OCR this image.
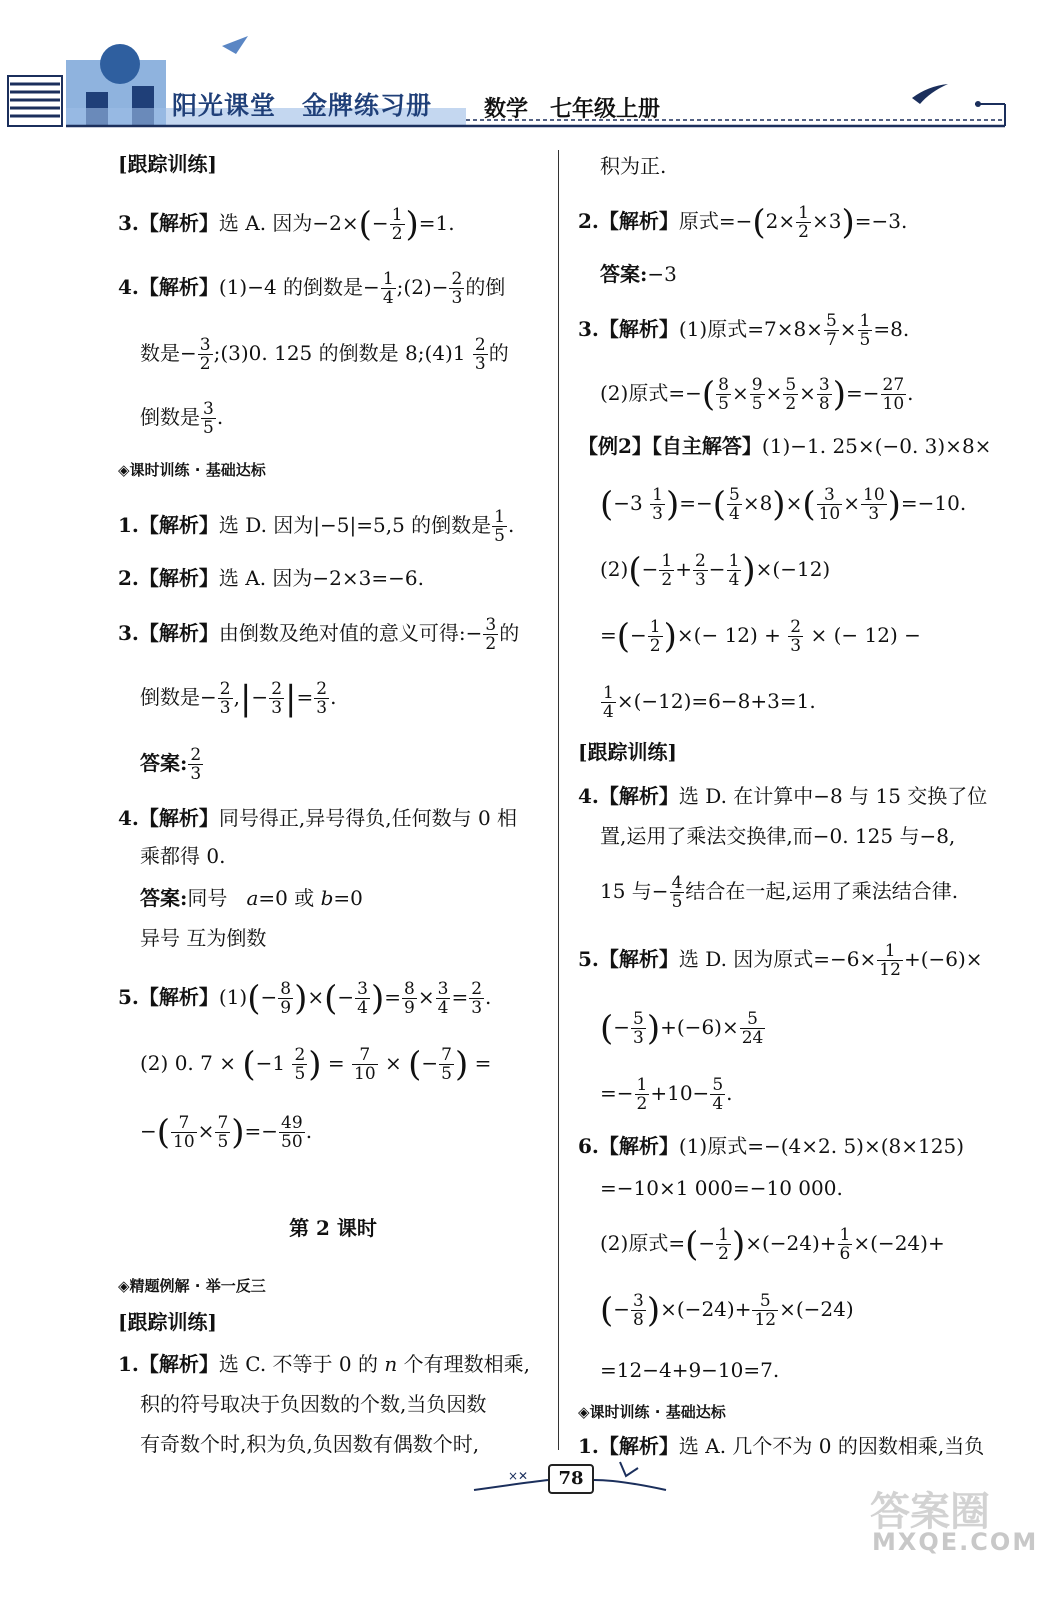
阳光课堂 金牌练习册	数学 七年级上册
[跟踪训练]
3.【解析】选 A. 因为$-2\times(- \frac{1}{2} )=1$.
4.【解析】(1)−4 的倒数是− $\frac{1}{4}$ ;(2)− $\frac{2}{3}$ 的倒
数是− $\frac{3}{2}$ ;(3)0. 125 的倒数是 8;(4)1 $\frac{2}{3}$ 的
倒数是 $\frac{3}{5}$ .
◈课时训练 · 基础达标
1.【解析】选 D. 因为|−5|=5,5 的倒数是 $\frac{1}{5}$ .
2.【解析】选 A. 因为−2×3=−6.
3.【解析】由倒数及绝对值的意义可得:− $\frac{3}{2}$ 的
倒数是− $\frac{2}{3}$ ,|− $\frac{2}{3}$ |= $\frac{2}{3}$ .
答案: $\frac{2}{3}$
4.【解析】同号得正,异号得负,任何数与 0 相
乘都得 0.
答案:同号   a=0 或 b=0
异号 互为倒数
5.【解析】$(1)(- \frac{8}{9}$ )×(− $\frac{3}{4}$ )= $\frac{8}{9} \times \frac{3}{4} = \frac{2}{3}$ .
(2) 0. $7 \times (-1 \frac{2}{5}$ ) = $\frac{7}{10}$ × (− $\frac{7}{5}$ ) =
−( $\frac{7}{10} \times \frac{7}{5}$ )=− $\frac{49}{50}$ .
第 2 课时
◈精题例解 · 举一反三
[跟踪训练]
1.【解析】选 C. 不等于 0 的 n 个有理数相乘,
积的符号取决于负因数的个数,当负因数
有奇数个时,积为负,负因数有偶数个时,
积为正.
2.【解析】原式$=-(2\times \frac{1}{2} \times 3)=-3$.
答案:−3
3.【解析】(1)原式$=7\times 8\times \frac{5}{7} \times \frac{1}{5} =8$.
(2)原式=−( $\frac{8}{5} \times \frac{9}{5} \times \frac{5}{2} \times \frac{3}{8}$ )=− $\frac{27}{10}$ .
【例2】【自主解答】(1)−1. 25×(−0. 3)×8×
($-3 \frac{1}{3}$ )=−( $\frac{5}{4} \times 8)\times( \frac{3}{10} \times \frac{10}{3} )=-10$.
$(2)(- \frac{1}{2} + \frac{2}{3} - \frac{1}{4} )\times(-12)$
=(− $\frac{1}{2}$ )×(− $12) + \frac{2}{3}$ × (− 12) −
$\frac{1}{4} \times(-12)=6-8+3=1$.
[跟踪训练]
4.【解析】选 D. 在计算中−8 与 15 交换了位
置,运用了乘法交换律,而−0. 125 与−8,
15 与− $\frac{4}{5}$ 结合在一起,运用了乘法结合律.
5.【解析】选 D. 因为原式$=-6\times \frac{1}{12} +(-6)\times$
(− $\frac{5}{3} )+(-6)\times \frac{5}{24}$
=− $\frac{1}{2} +10- \frac{5}{4}$ .
6.【解析】(1)原式=−(4×2. 5)×(8×125)
=−10×1 000=−10 000.
(2)原式=(− $\frac{1}{2} )\times(-24)+ \frac{1}{6} \times(-24)+$
(− $\frac{3}{8} )\times(-24)+ \frac{5}{12} \times(-24)$
=12−4+9−10=7.
◈课时训练 · 基础达标
1.【解析】选 A. 几个不为 0 的因数相乘,当负
×✕	78
答案圈
MXQE.COM
